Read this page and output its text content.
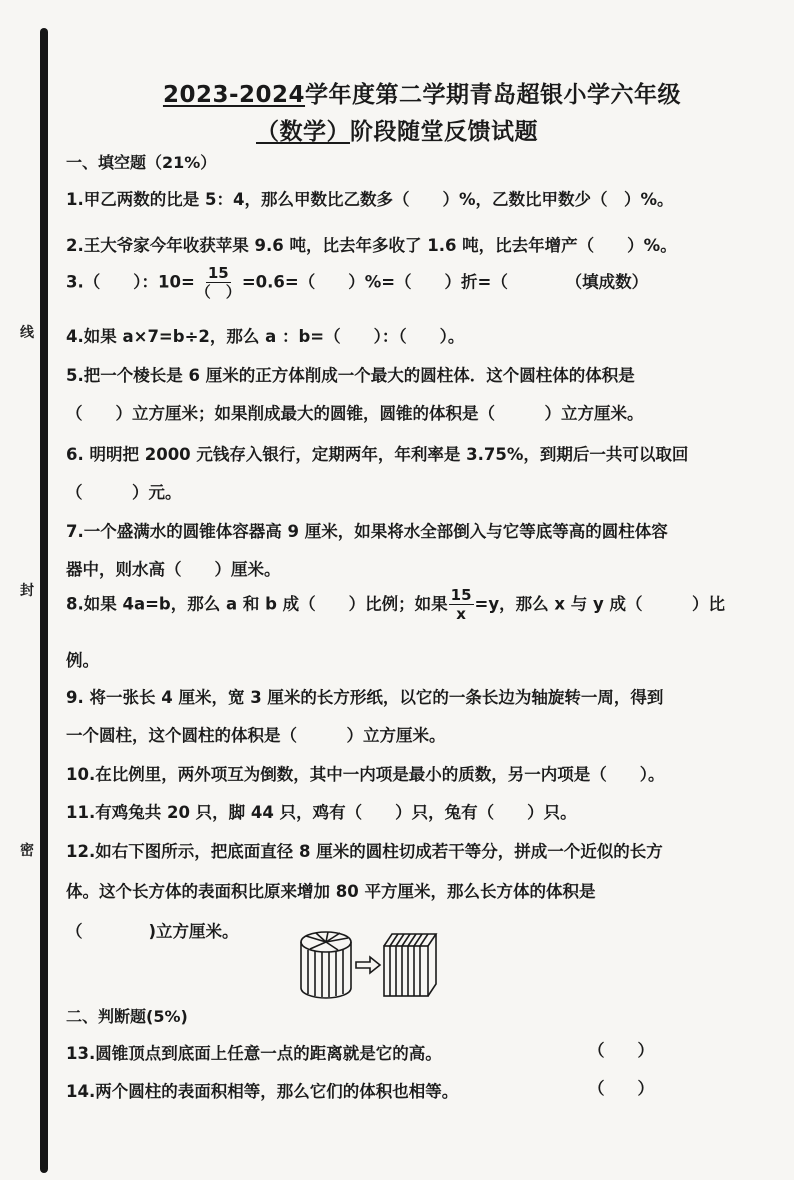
线
封
密
2023-2024学年度第二学期青岛超银小学六年级
（数学）阶段随堂反馈试题
一、填空题（21%）
1.甲乙两数的比是 5：4，那么甲数比乙数多（　　）%，乙数比甲数少（　）%。
2.王大爷家今年收获苹果 9.6 吨，比去年多收了 1.6 吨，比去年增产（　　）%。
3.（　　）：$10= \frac{15}{( )} =0.6=$（　　）%=（　　）折=（　　　　（填成数）
4.如果 a×7=b÷2，那么 a ：b=（　　）：（　　）。
5.把一个棱长是 6 厘米的正方体削成一个最大的圆柱体．这个圆柱体的体积是
（　　）立方厘米；如果削成最大的圆锥，圆锥的体积是（　　　）立方厘米。
6. 明明把 2000 元钱存入银行，定期两年，年利率是 3.75%，到期后一共可以取回
（　　　）元。
7.一个盛满水的圆锥体容器高 9 厘米，如果将水全部倒入与它等底等高的圆柱体容
器中，则水高（　　）厘米。
8.如果 4a=b，那么 a 和 b 成（　　）比例；如果 $\frac{15}{x} =y$，那么 x 与 y 成（　　　）比
例。
9. 将一张长 4 厘米，宽 3 厘米的长方形纸，以它的一条长边为轴旋转一周，得到
一个圆柱，这个圆柱的体积是（　　　）立方厘米。
10.在比例里，两外项互为倒数，其中一内项是最小的质数，另一内项是（　　）。
11.有鸡兔共 20 只，脚 44 只，鸡有（　　）只，兔有（　　）只。
12.如右下图所示，把底面直径 8 厘米的圆柱切成若干等分，拼成一个近似的长方
体。这个长方体的表面积比原来增加 80 平方厘米，那么长方体的体积是
（　　　　)立方厘米。
二、判断题(5%)
13.圆锥顶点到底面上任意一点的距离就是它的高。	（　　）
14.两个圆柱的表面积相等，那么它们的体积也相等。	（　　）
